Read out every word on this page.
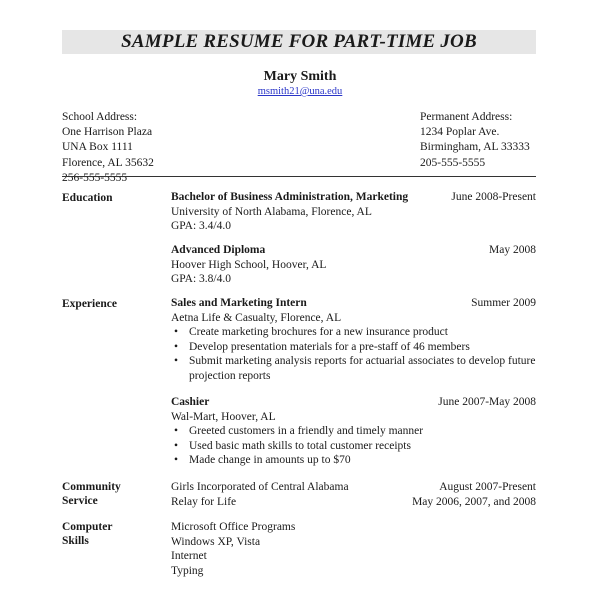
SAMPLE RESUME FOR PART-TIME JOB
Mary Smith
msmith21@una.edu
School Address:
One Harrison Plaza
UNA Box 1111
Florence, AL 35632
256-555-5555
Permanent Address:
1234 Poplar Ave.
Birmingham, AL 33333
205-555-5555
Education	Bachelor of Business Administration, Marketing	June 2008-Present
University of North Alabama, Florence, AL
GPA: 3.4/4.0
Advanced Diploma	May 2008
Hoover High School, Hoover, AL
GPA: 3.8/4.0
Experience	Sales and Marketing Intern	Summer 2009
Aetna Life & Casualty, Florence, AL
• Create marketing brochures for a new insurance product
• Develop presentation materials for a pre-staff of 46 members
• Submit marketing analysis reports for actuarial associates to develop future projection reports
Cashier	June 2007-May 2008
Wal-Mart, Hoover, AL
• Greeted customers in a friendly and timely manner
• Used basic math skills to total customer receipts
• Made change in amounts up to $70
Community
Service
Girls Incorporated of Central Alabama	August 2007-Present
Relay for Life	May 2006, 2007, and 2008
Computer
Skills
Microsoft Office Programs
Windows XP, Vista
Internet
Typing
